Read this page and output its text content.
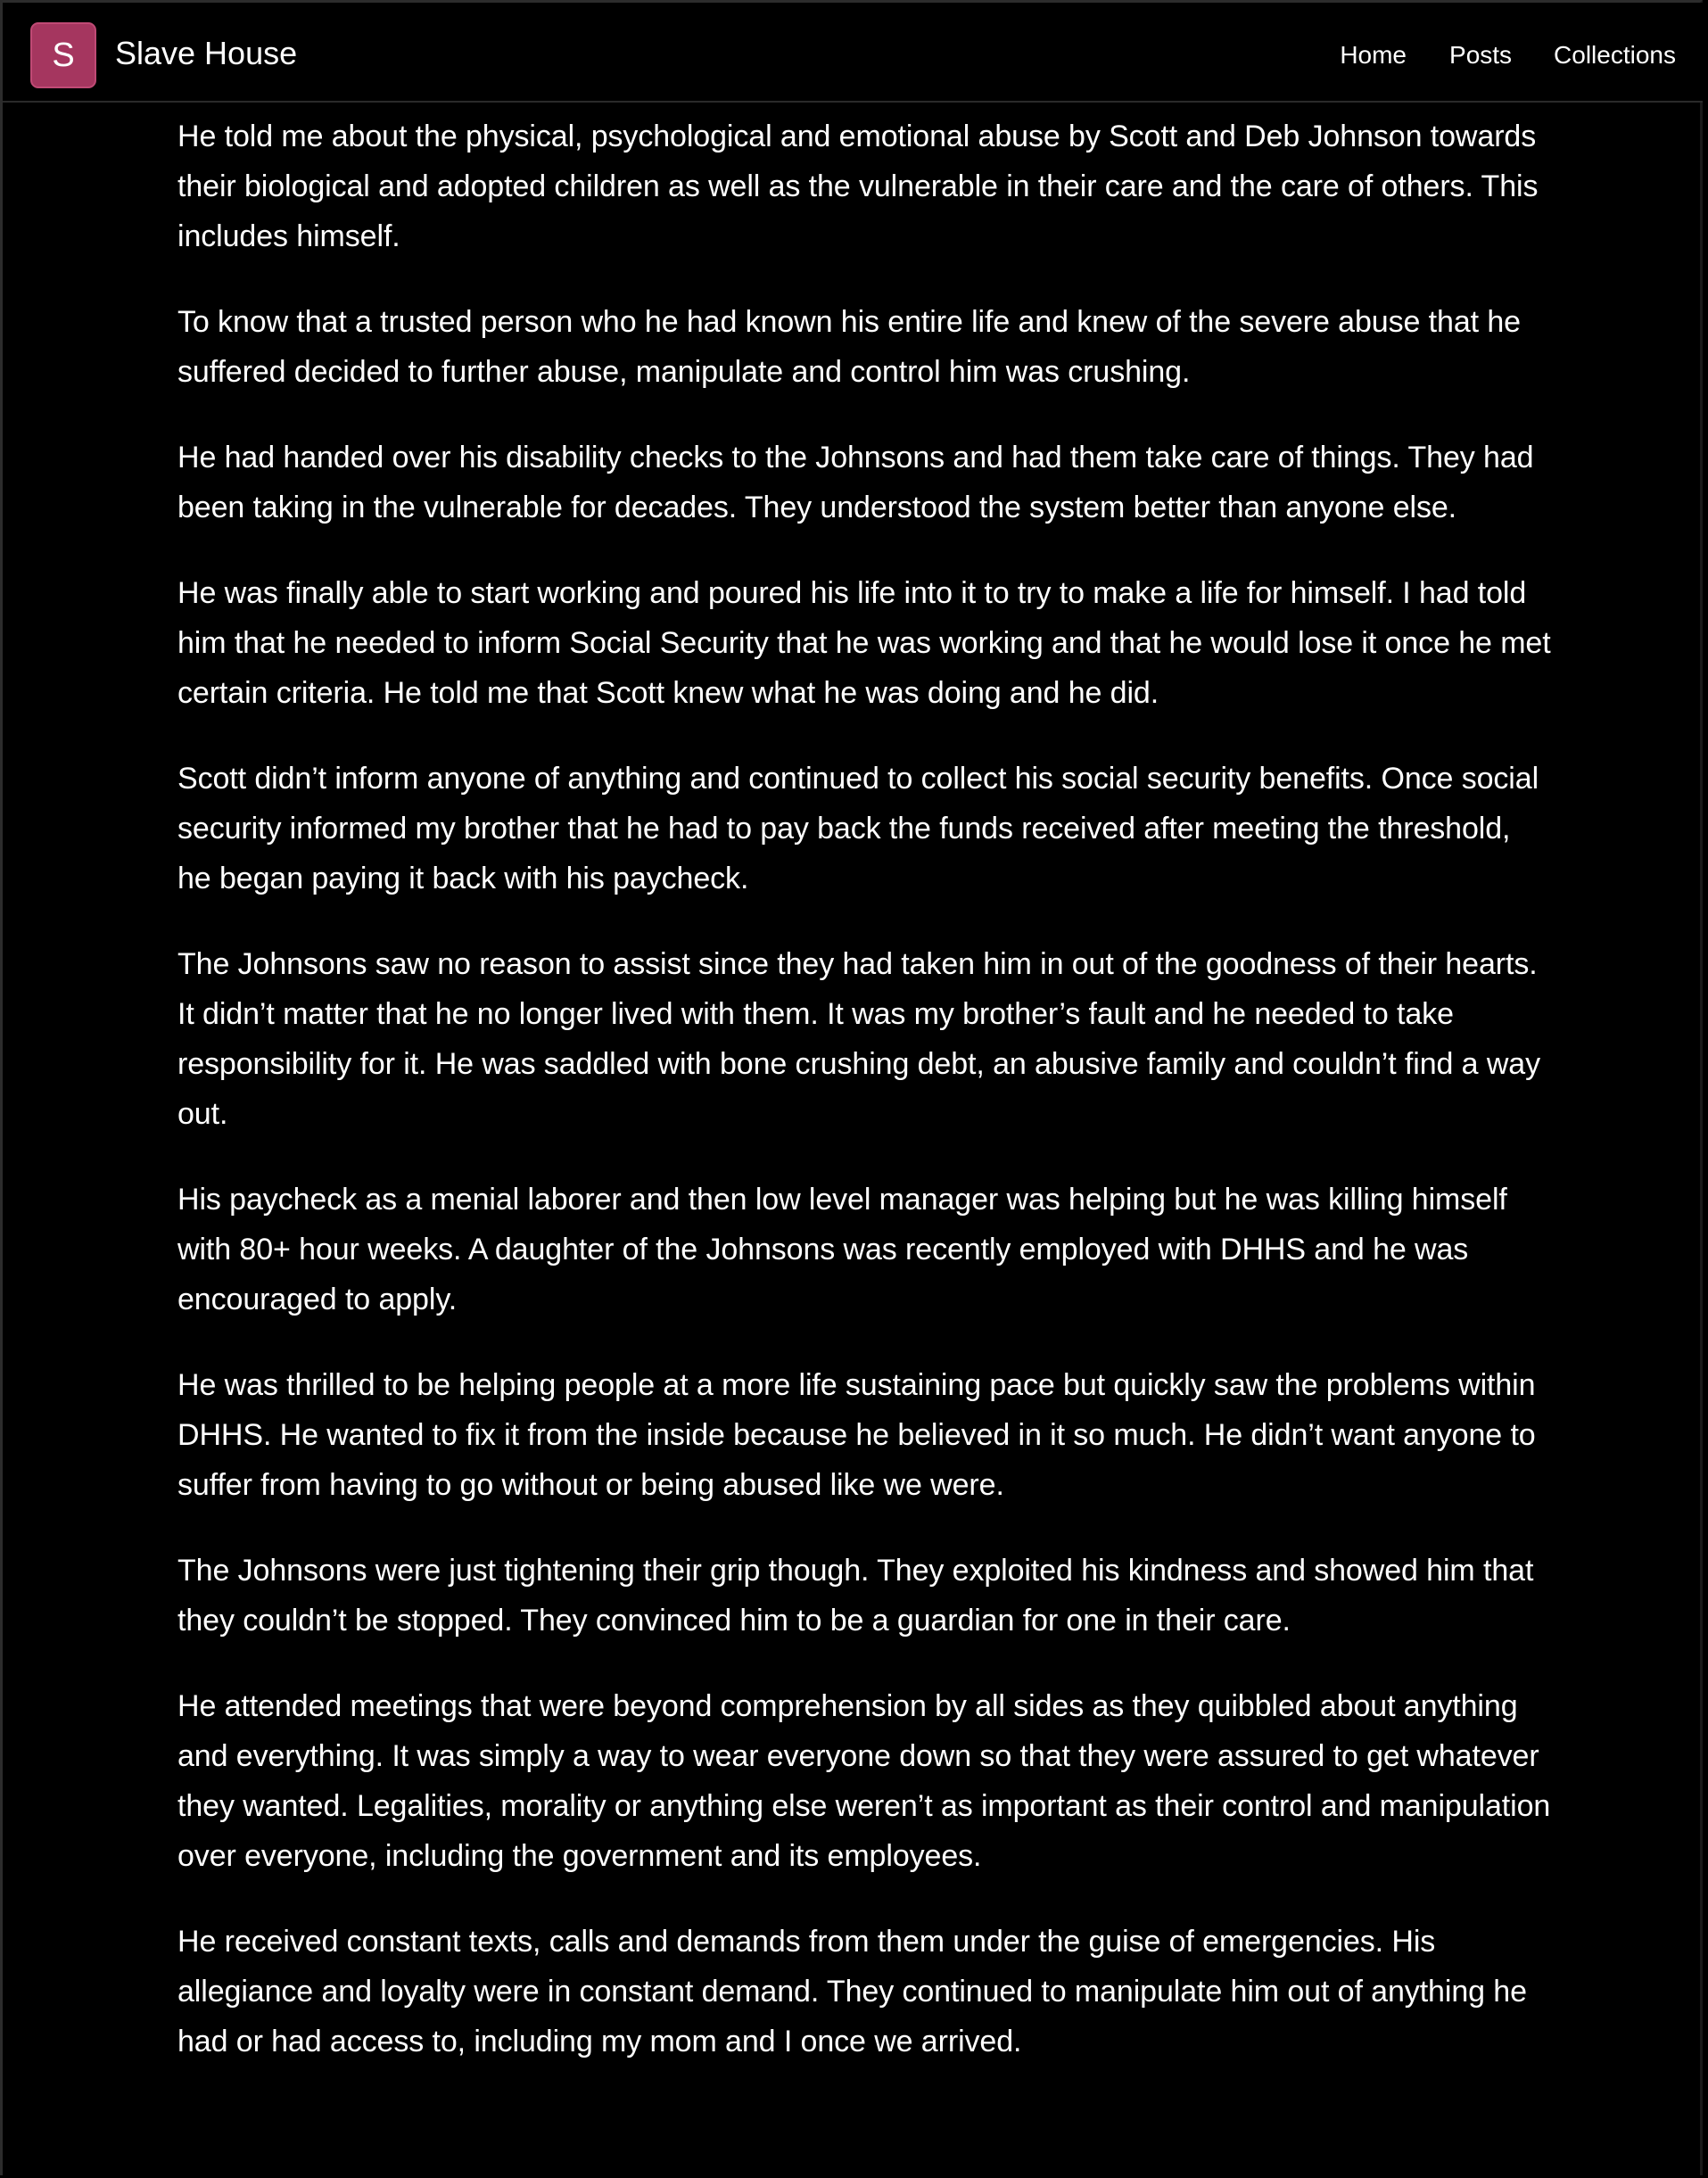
S Slave House	Home Posts Collections

He told me about the physical, psychological and emotional abuse by Scott and Deb Johnson towards their biological and adopted children as well as the vulnerable in their care and the care of others. This includes himself.

To know that a trusted person who he had known his entire life and knew of the severe abuse that he suffered decided to further abuse, manipulate and control him was crushing.

He had handed over his disability checks to the Johnsons and had them take care of things. They had been taking in the vulnerable for decades. They understood the system better than anyone else.

He was finally able to start working and poured his life into it to try to make a life for himself. I had told him that he needed to inform Social Security that he was working and that he would lose it once he met certain criteria. He told me that Scott knew what he was doing and he did.

Scott didn’t inform anyone of anything and continued to collect his social security benefits. Once social security informed my brother that he had to pay back the funds received after meeting the threshold, he began paying it back with his paycheck.

The Johnsons saw no reason to assist since they had taken him in out of the goodness of their hearts. It didn’t matter that he no longer lived with them. It was my brother’s fault and he needed to take responsibility for it. He was saddled with bone crushing debt, an abusive family and couldn’t find a way out.

His paycheck as a menial laborer and then low level manager was helping but he was killing himself with 80+ hour weeks. A daughter of the Johnsons was recently employed with DHHS and he was encouraged to apply.

He was thrilled to be helping people at a more life sustaining pace but quickly saw the problems within DHHS. He wanted to fix it from the inside because he believed in it so much. He didn’t want anyone to suffer from having to go without or being abused like we were.

The Johnsons were just tightening their grip though. They exploited his kindness and showed him that they couldn’t be stopped. They convinced him to be a guardian for one in their care.

He attended meetings that were beyond comprehension by all sides as they quibbled about anything and everything. It was simply a way to wear everyone down so that they were assured to get whatever they wanted. Legalities, morality or anything else weren’t as important as their control and manipulation over everyone, including the government and its employees.

He received constant texts, calls and demands from them under the guise of emergencies. His allegiance and loyalty were in constant demand. They continued to manipulate him out of anything he had or had access to, including my mom and I once we arrived.
